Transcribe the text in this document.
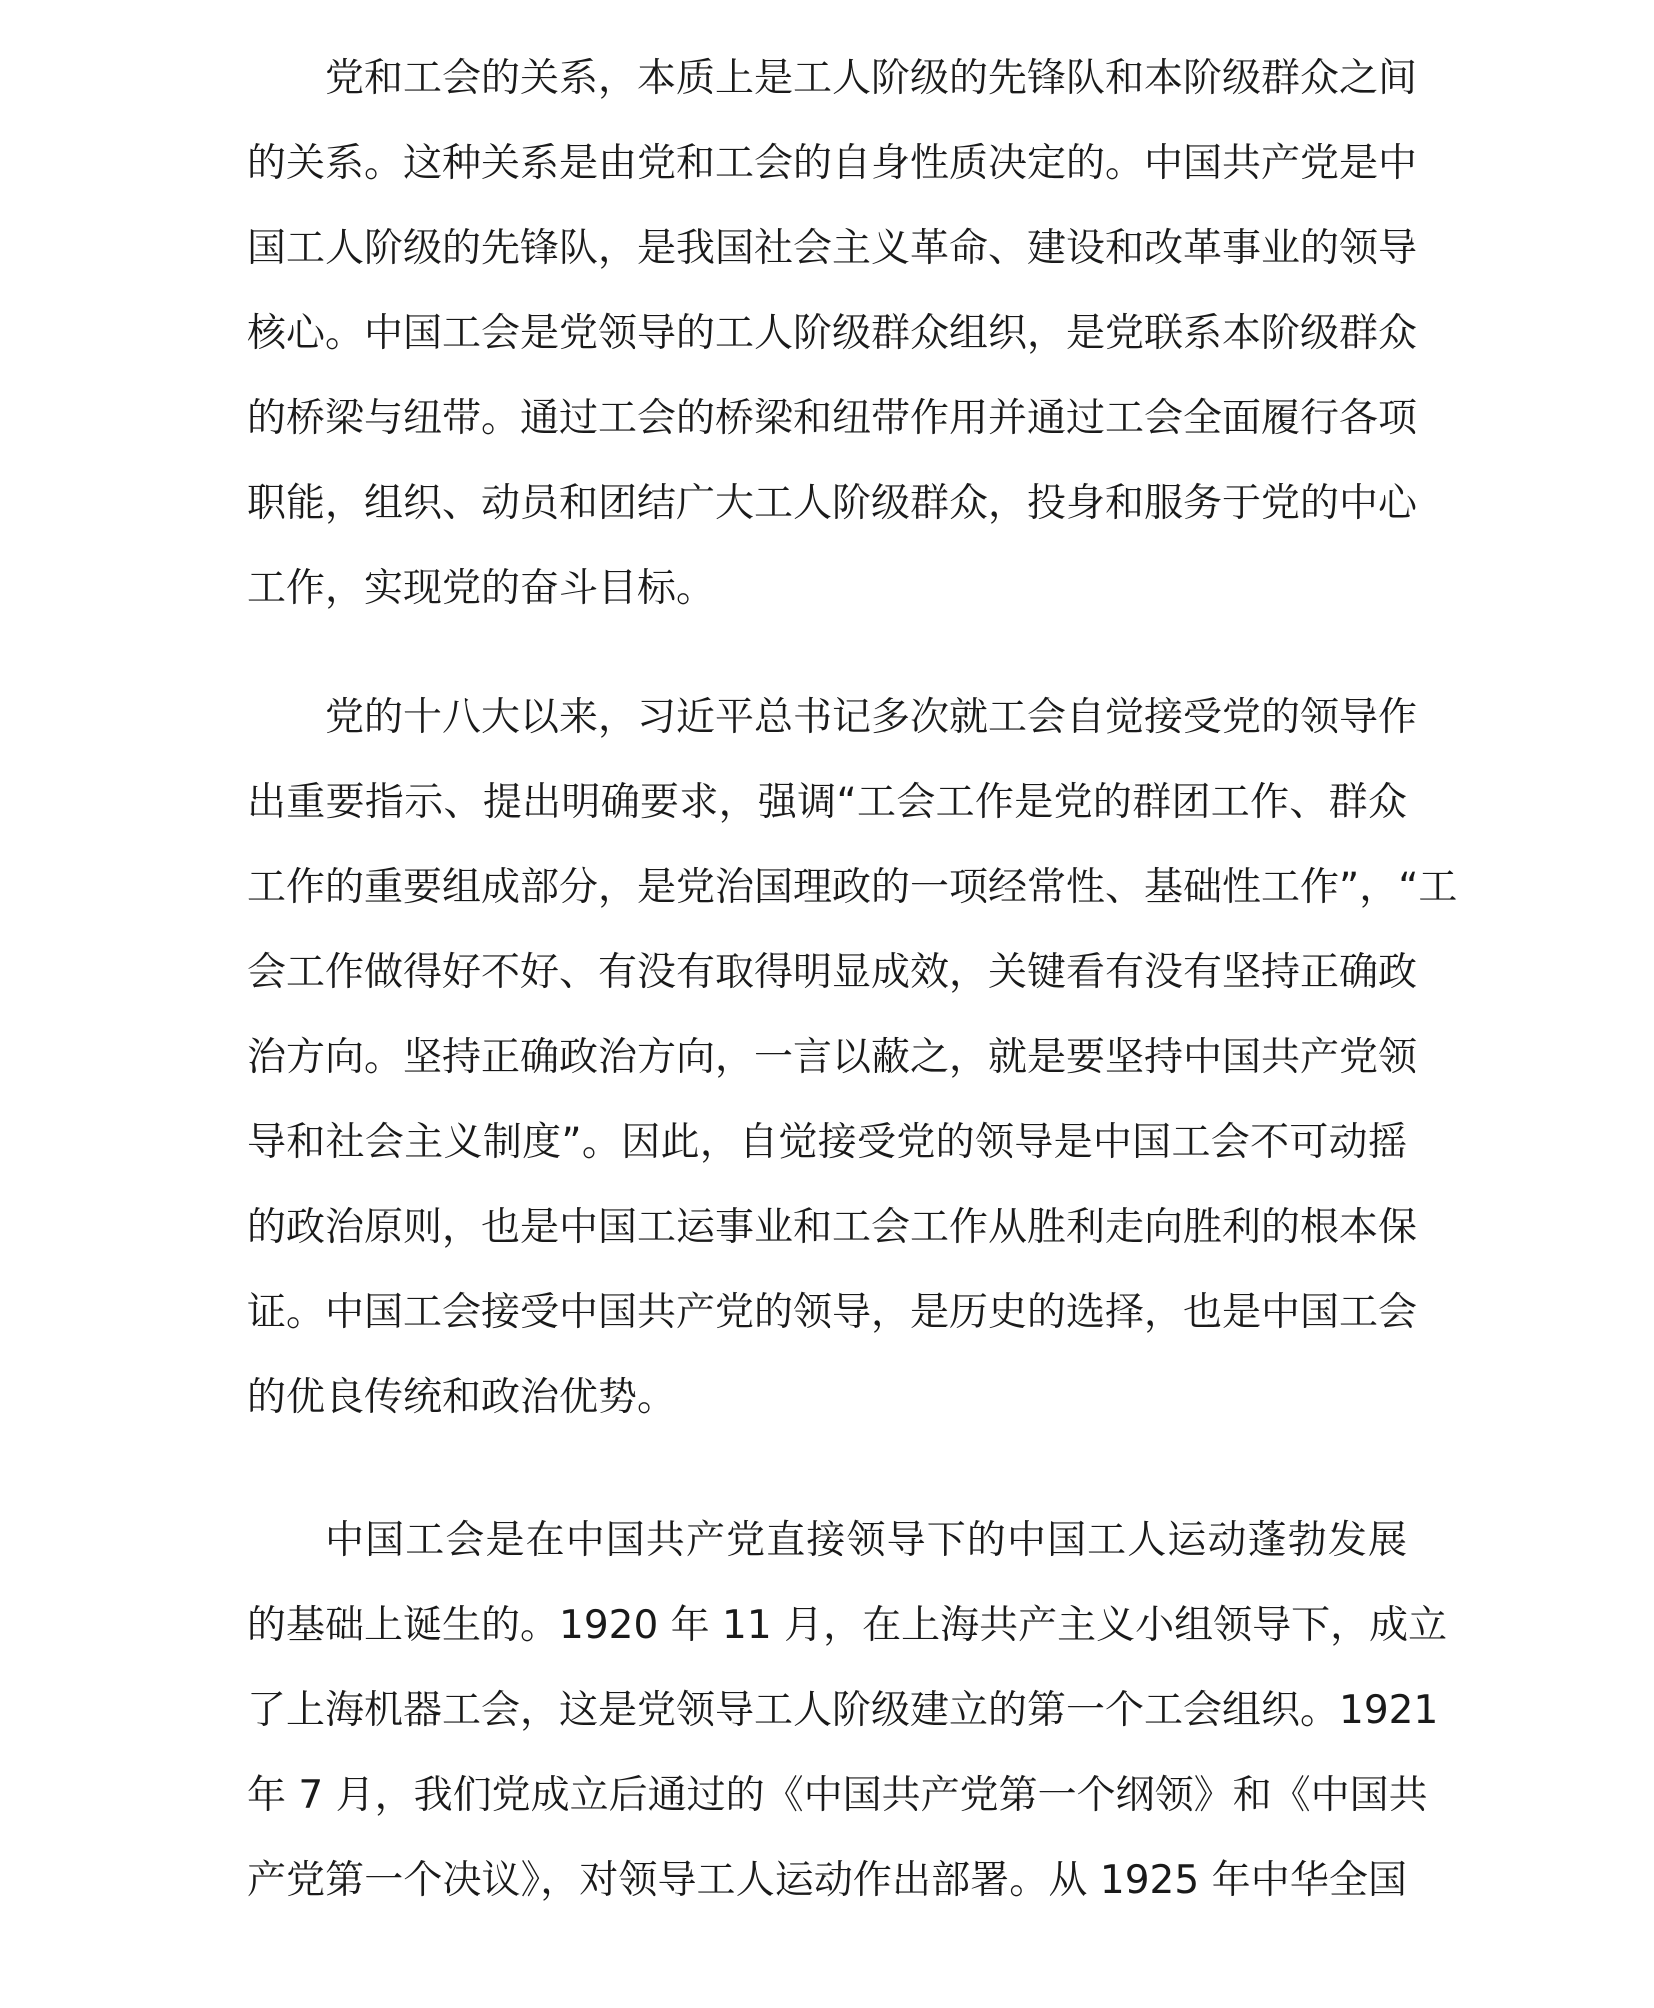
党和工会的关系，本质上是工人阶级的先锋队和本阶级群众之间
的关系。这种关系是由党和工会的自身性质决定的。中国共产党是中
国工人阶级的先锋队，是我国社会主义革命、建设和改革事业的领导
核心。中国工会是党领导的工人阶级群众组织，是党联系本阶级群众
的桥梁与纽带。通过工会的桥梁和纽带作用并通过工会全面履行各项
职能，组织、动员和团结广大工人阶级群众，投身和服务于党的中心
工作，实现党的奋斗目标。
党的十八大以来，习近平总书记多次就工会自觉接受党的领导作
出重要指示、提出明确要求，强调“工会工作是党的群团工作、群众
工作的重要组成部分，是党治国理政的一项经常性、基础性工作”，“工
会工作做得好不好、有没有取得明显成效，关键看有没有坚持正确政
治方向。坚持正确政治方向，一言以蔽之，就是要坚持中国共产党领
导和社会主义制度”。因此，自觉接受党的领导是中国工会不可动摇
的政治原则，也是中国工运事业和工会工作从胜利走向胜利的根本保
证。中国工会接受中国共产党的领导，是历史的选择，也是中国工会
的优良传统和政治优势。
中国工会是在中国共产党直接领导下的中国工人运动蓬勃发展
的基础上诞生的。1920 年 11 月，在上海共产主义小组领导下，成立
了上海机器工会，这是党领导工人阶级建立的第一个工会组织。1921
年 7 月，我们党成立后通过的《中国共产党第一个纲领》和《中国共
产党第一个决议》，对领导工人运动作出部署。从 1925 年中华全国
